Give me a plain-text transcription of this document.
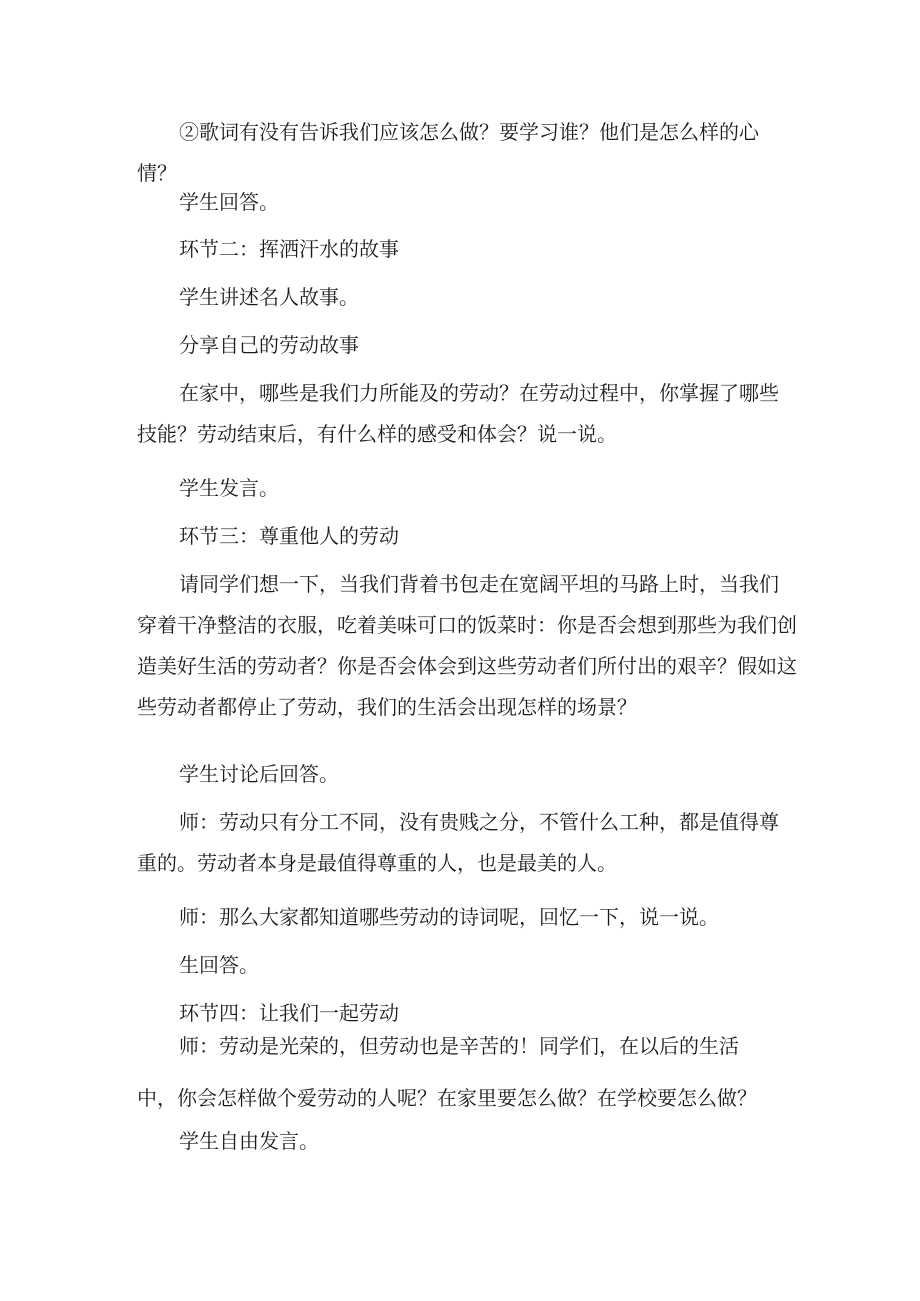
②歌词有没有告诉我们应该怎么做？要学习谁？他们是怎么样的心情？

学生回答。

环节二：挥洒汗水的故事

学生讲述名人故事。

分享自己的劳动故事

在家中，哪些是我们力所能及的劳动？在劳动过程中，你掌握了哪些技能？劳动结束后，有什么样的感受和体会？说一说。

学生发言。

环节三：尊重他人的劳动

请同学们想一下，当我们背着书包走在宽阔平坦的马路上时，当我们穿着干净整洁的衣服，吃着美味可口的饭菜时：你是否会想到那些为我们创造美好生活的劳动者？你是否会体会到这些劳动者们所付出的艰辛？假如这些劳动者都停止了劳动，我们的生活会出现怎样的场景？

学生讨论后回答。

师：劳动只有分工不同，没有贵贱之分，不管什么工种，都是值得尊重的。劳动者本身是最值得尊重的人，也是最美的人。

师：那么大家都知道哪些劳动的诗词呢，回忆一下，说一说。

生回答。

环节四：让我们一起劳动

师：劳动是光荣的，但劳动也是辛苦的！同学们，在以后的生活

中，你会怎样做个爱劳动的人呢？在家里要怎么做？在学校要怎么做？

学生自由发言。
